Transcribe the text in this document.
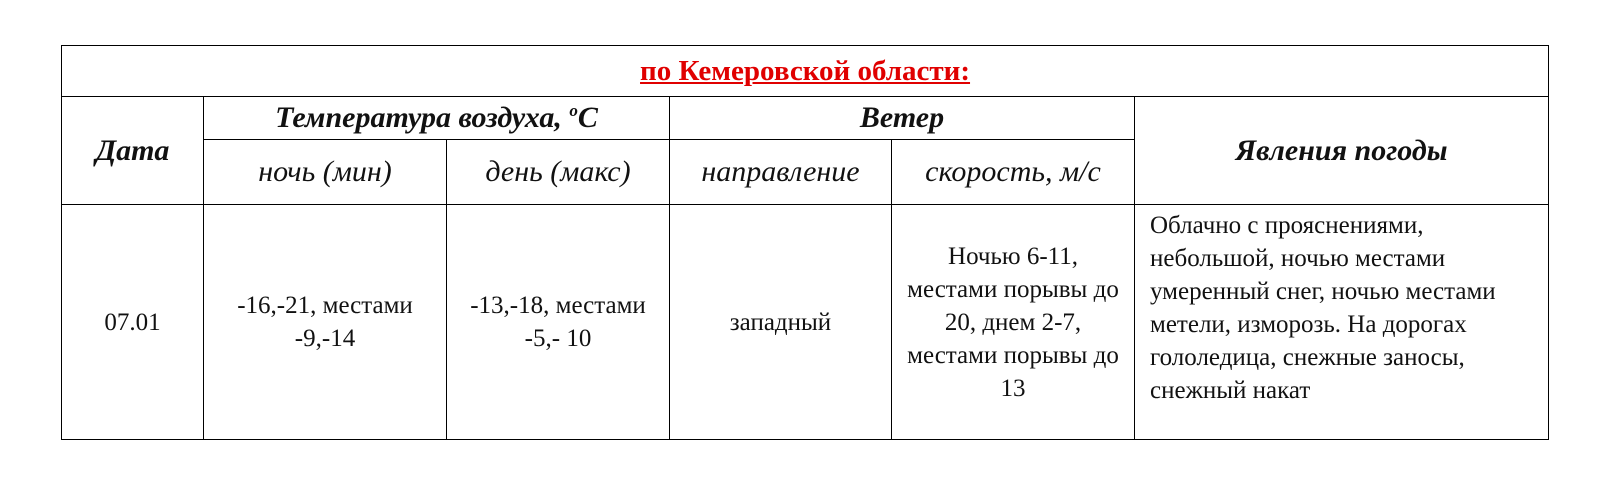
по Кемеровской области:					
Дата	Температура воздуха, $^о$С		Ветер		Явления погоды
	ночь (мин)	день (макс)	направление	скорость, м/с	

07.01	-16,-21, местами -9,-14	-13,-18, местами -5,- 10	западный	Ночью 6-11, местами порывы до 20, днем 2-7, местами порывы до 13	Облачно с прояснениями, небольшой, ночью местами умеренный снег, ночью местами метели, изморозь. На дорогах гололедица, снежные заносы, снежный накат
